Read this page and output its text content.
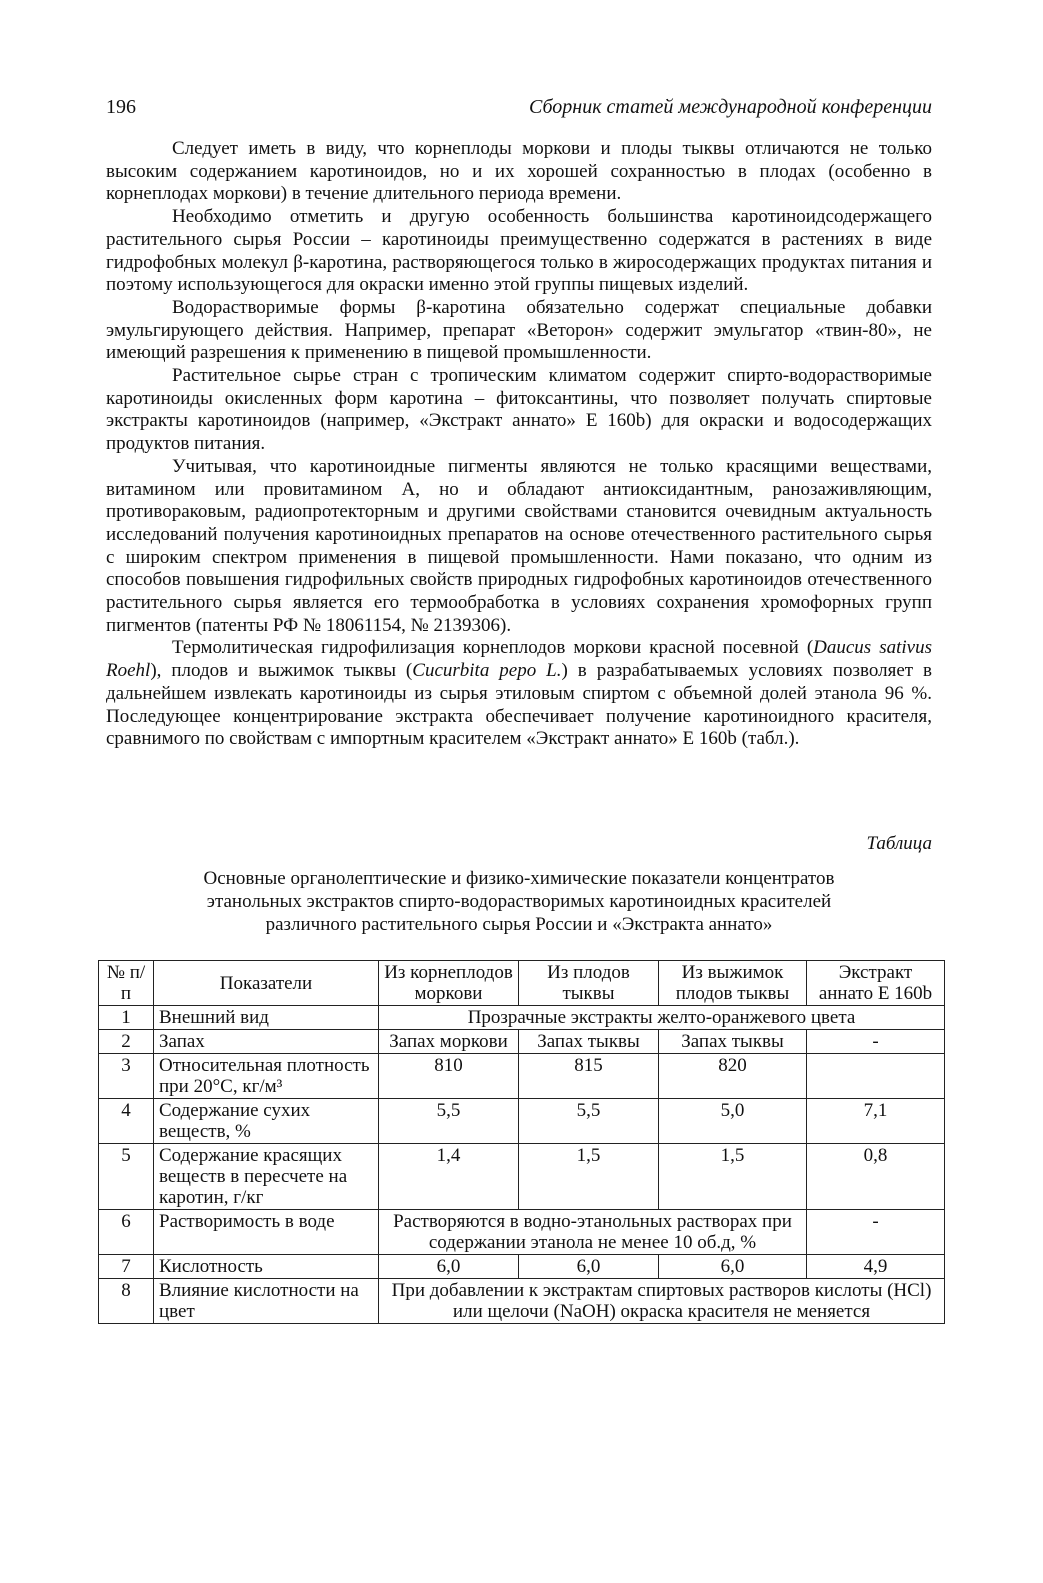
196	Сборник статей международной конференции

Следует иметь в виду, что корнеплоды моркови и плоды тыквы отличаются не только высоким содержанием каротиноидов, но и их хорошей сохранностью в плодах (особенно в корнеплодах моркови) в течение длительного периода времени.

Необходимо отметить и другую особенность большинства каротиноидсодержащего растительного сырья России – каротиноиды преимущественно содержатся в растениях в виде гидрофобных молекул β-каротина, растворяющегося только в жиросодержащих продуктах питания и поэтому использующегося для окраски именно этой группы пищевых изделий.

Водорастворимые формы β-каротина обязательно содержат специальные добавки эмульгирующего действия. Например, препарат «Веторон» содержит эмульгатор «твин-80», не имеющий разрешения к применению в пищевой промышленности.

Растительное сырье стран с тропическим климатом содержит спирто-водорастворимые каротиноиды окисленных форм каротина – фитоксантины, что позволяет получать спиртовые экстракты каротиноидов (например, «Экстракт аннато» Е 160b) для окраски и водосодержащих продуктов питания.

Учитывая, что каротиноидные пигменты являются не только красящими веществами, витамином или провитамином А, но и обладают антиоксидантным, ранозаживляющим, противораковым, радиопротекторным и другими свойствами становится очевидным актуальность исследований получения каротиноидных препаратов на основе отечественного растительного сырья с широким спектром применения в пищевой промышленности. Нами показано, что одним из способов повышения гидрофильных свойств природных гидрофобных каротиноидов отечественного растительного сырья является его термообработка в условиях сохранения хромофорных групп пигментов (патенты РФ № 18061154, № 2139306).

Термолитическая гидрофилизация корнеплодов моркови красной посевной (Daucus sativus Roehl), плодов и выжимок тыквы (Cucurbita pepo L.) в разрабатываемых условиях позволяет в дальнейшем извлекать каротиноиды из сырья этиловым спиртом с объемной долей этанола 96 %. Последующее концентрирование экстракта обеспечивает получение каротиноидного красителя, сравнимого по свойствам с импортным красителем «Экстракт аннато» Е 160b (табл.).

Таблица
Основные органолептические и физико-химические показатели концентратов
этанольных экстрактов спирто-водорастворимых каротиноидных красителей
различного растительного сырья России и «Экстракта аннато»
№ п/п	Показатели	Из корнеплодов моркови	Из плодов тыквы	Из выжимок плодов тыквы	Экстракт аннато Е 160b
1	Внешний вид	Прозрачные экстракты желто-оранжевого цвета			
2	Запах	Запах моркови	Запах тыквы	Запах тыквы	-
3	Относительная плотность при 20°С, кг/м³	810	815	820	
4	Содержание сухих веществ, %	5,5	5,5	5,0	7,1
5	Содержание красящих веществ в пересчете на каротин, г/кг	1,4	1,5	1,5	0,8
6	Растворимость в воде	Растворяются в водно-этанольных растворах при содержании этанола не менее 10 об.д, %			-
7	Кислотность	6,0	6,0	6,0	4,9
8	Влияние кислотности на цвет	При добавлении к экстрактам спиртовых растворов кислоты (HCl) или щелочи (NaOH) окраска красителя не меняется			
